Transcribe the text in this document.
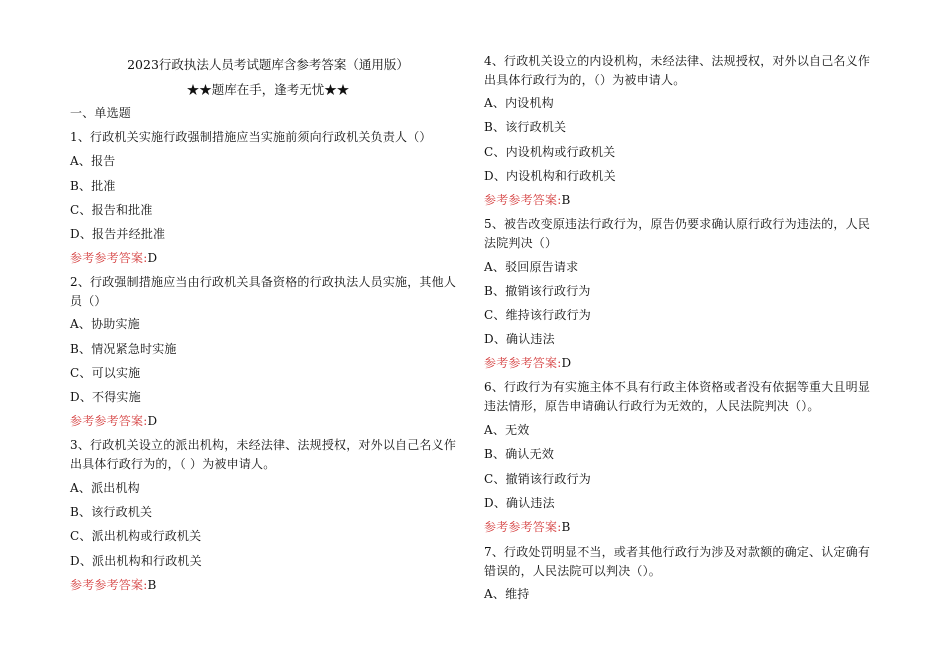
2023行政执法人员考试题库含参考答案（通用版）
★★题库在手，逢考无忧★★
一、单选题
1、行政机关实施行政强制措施应当实施前须向行政机关负责人（）
A、报告
B、批准
C、报告和批准
D、报告并经批准
参考参考答案:D
2、行政强制措施应当由行政机关具备资格的行政执法人员实施，其他人员（）
A、协助实施
B、情况紧急时实施
C、可以实施
D、不得实施
参考参考答案:D
3、行政机关设立的派出机构，未经法律、法规授权，对外以自己名义作出具体行政行为的，（ ）为被申请人。
A、派出机构
B、该行政机关
C、派出机构或行政机关
D、派出机构和行政机关
参考参考答案:B
4、行政机关设立的内设机构，未经法律、法规授权，对外以自己名义作出具体行政行为的，（）为被申请人。
A、内设机构
B、该行政机关
C、内设机构或行政机关
D、内设机构和行政机关
参考参考答案:B
5、被告改变原违法行政行为，原告仍要求确认原行政行为违法的，人民法院判决（）
A、驳回原告请求
B、撤销该行政行为
C、维持该行政行为
D、确认违法
参考参考答案:D
6、行政行为有实施主体不具有行政主体资格或者没有依据等重大且明显违法情形，原告申请确认行政行为无效的，人民法院判决（）。
A、无效
B、确认无效
C、撤销该行政行为
D、确认违法
参考参考答案:B
7、行政处罚明显不当，或者其他行政行为涉及对款额的确定、认定确有错误的，人民法院可以判决（）。
A、维持
